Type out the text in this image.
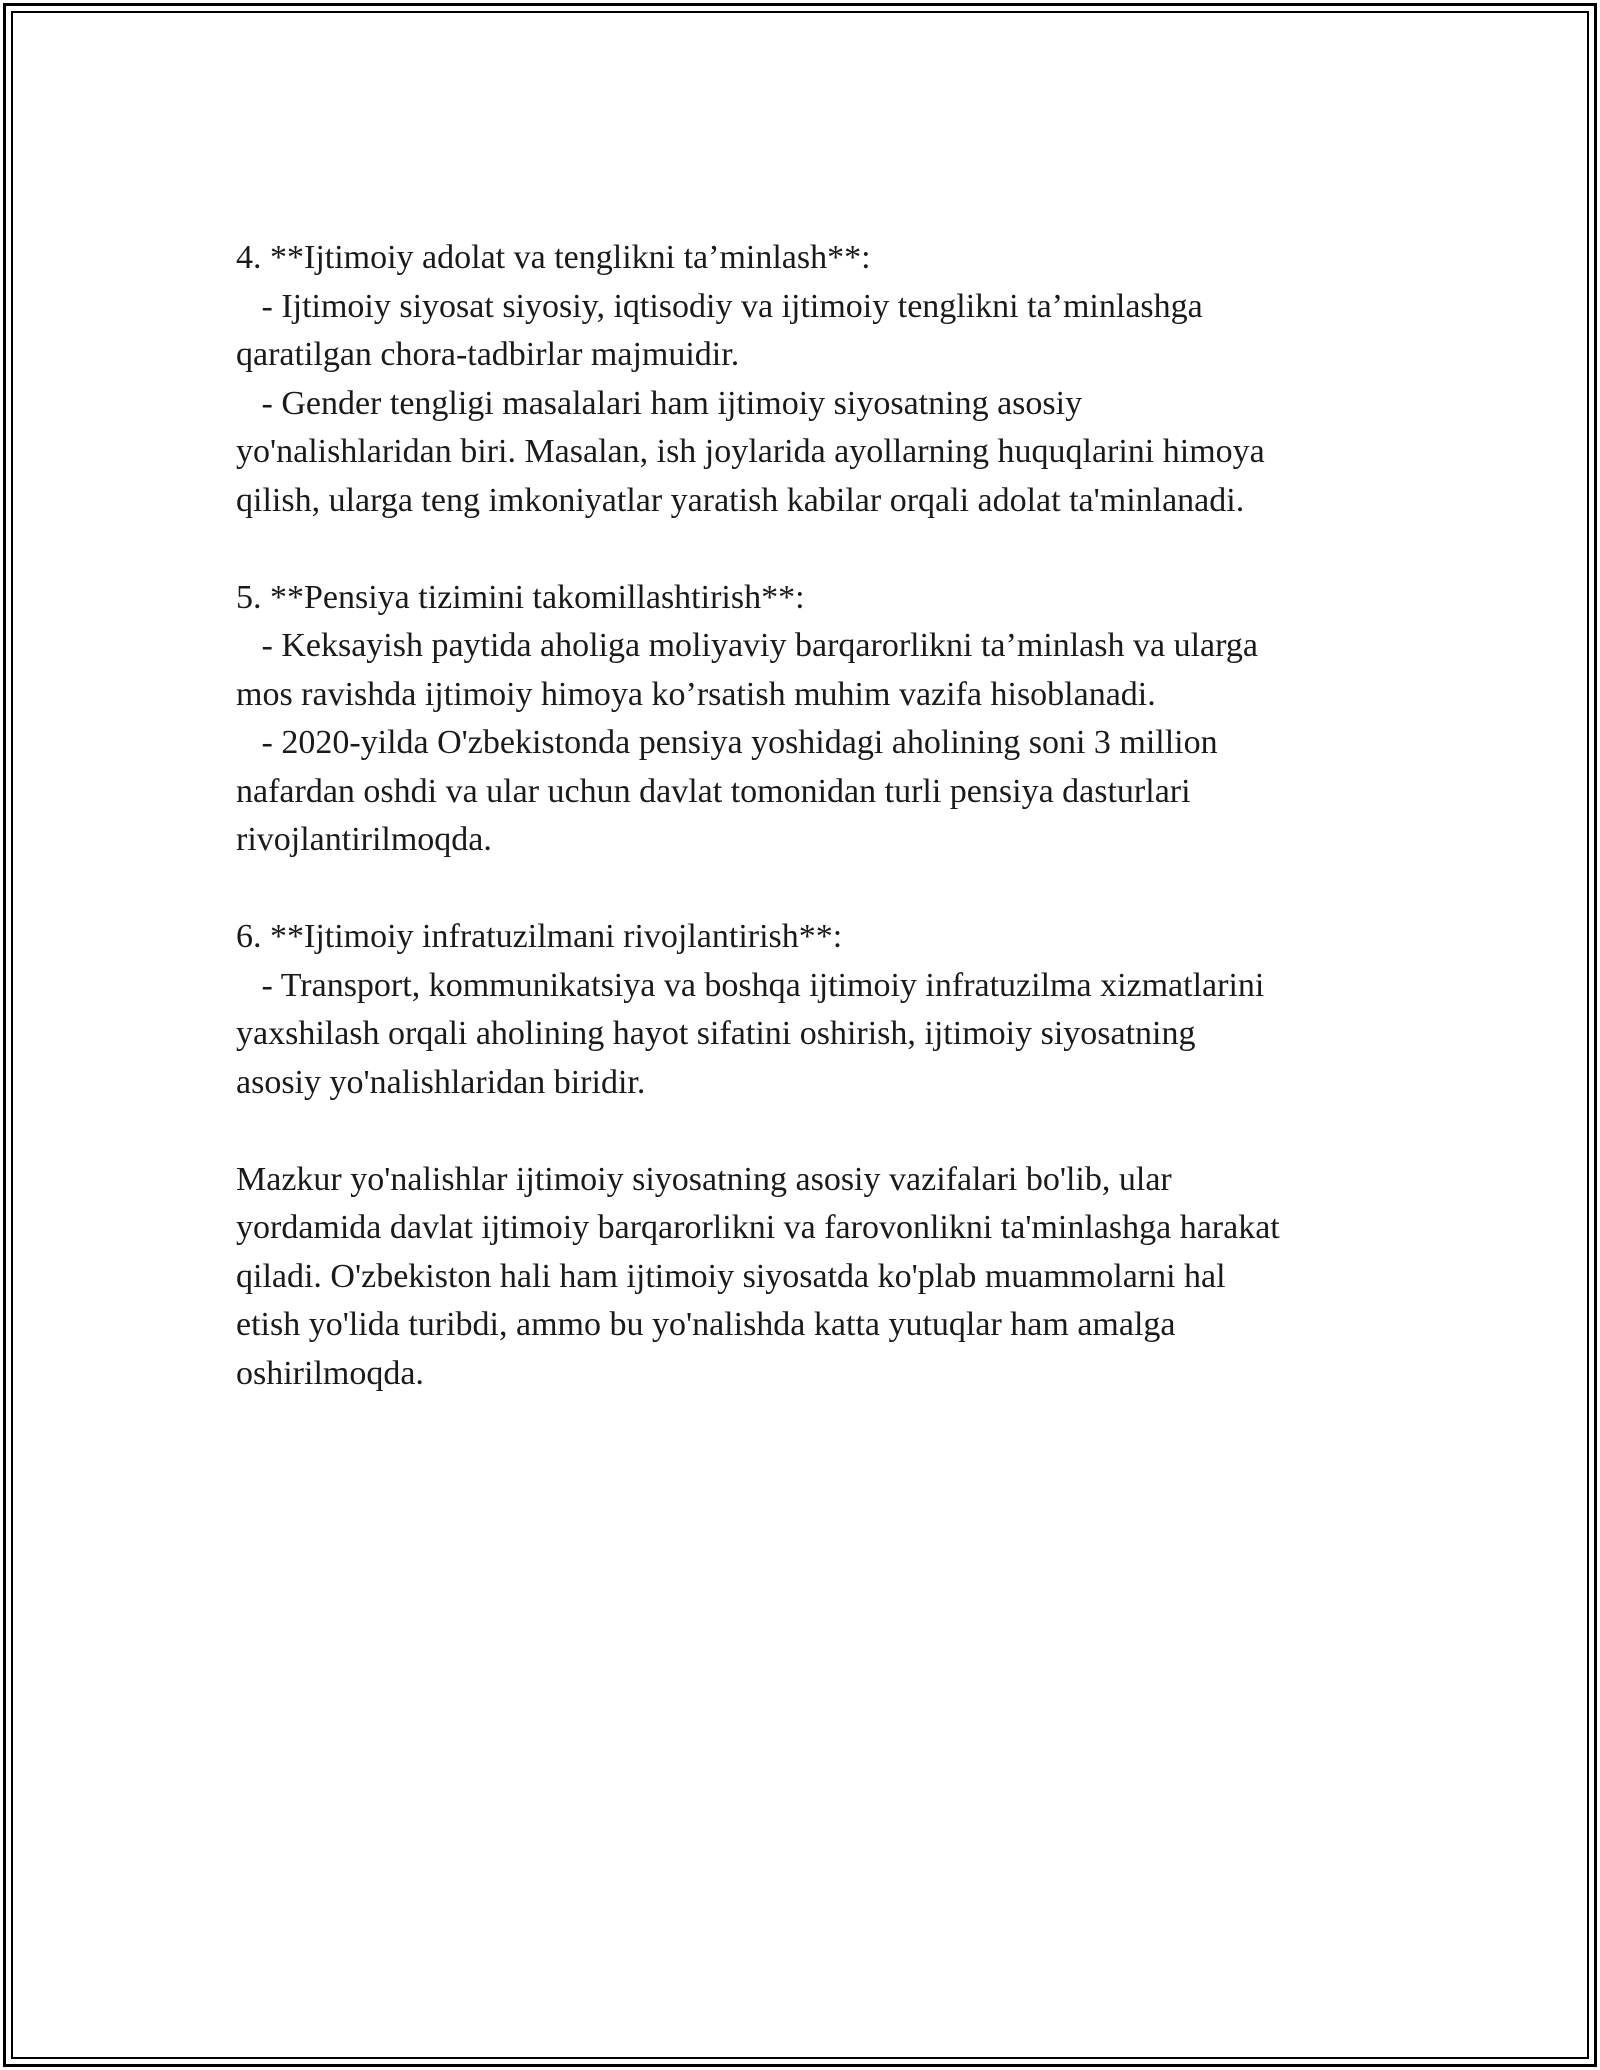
4. **Ijtimoiy adolat va tenglikni ta’minlash**:
- Ijtimoiy siyosat siyosiy, iqtisodiy va ijtimoiy tenglikni ta’minlashga
qaratilgan chora-tadbirlar majmuidir.
- Gender tengligi masalalari ham ijtimoiy siyosatning asosiy
yo'nalishlaridan biri. Masalan, ish joylarida ayollarning huquqlarini himoya
qilish, ularga teng imkoniyatlar yaratish kabilar orqali adolat ta'minlanadi.
5. **Pensiya tizimini takomillashtirish**:
- Keksayish paytida aholiga moliyaviy barqarorlikni ta’minlash va ularga
mos ravishda ijtimoiy himoya ko’rsatish muhim vazifa hisoblanadi.
- 2020-yilda O'zbekistonda pensiya yoshidagi aholining soni 3 million
nafardan oshdi va ular uchun davlat tomonidan turli pensiya dasturlari
rivojlantirilmoqda.
6. **Ijtimoiy infratuzilmani rivojlantirish**:
- Transport, kommunikatsiya va boshqa ijtimoiy infratuzilma xizmatlarini
yaxshilash orqali aholining hayot sifatini oshirish, ijtimoiy siyosatning
asosiy yo'nalishlaridan biridir.
Mazkur yo'nalishlar ijtimoiy siyosatning asosiy vazifalari bo'lib, ular
yordamida davlat ijtimoiy barqarorlikni va farovonlikni ta'minlashga harakat
qiladi. O'zbekiston hali ham ijtimoiy siyosatda ko'plab muammolarni hal
etish yo'lida turibdi, ammo bu yo'nalishda katta yutuqlar ham amalga
oshirilmoqda.
